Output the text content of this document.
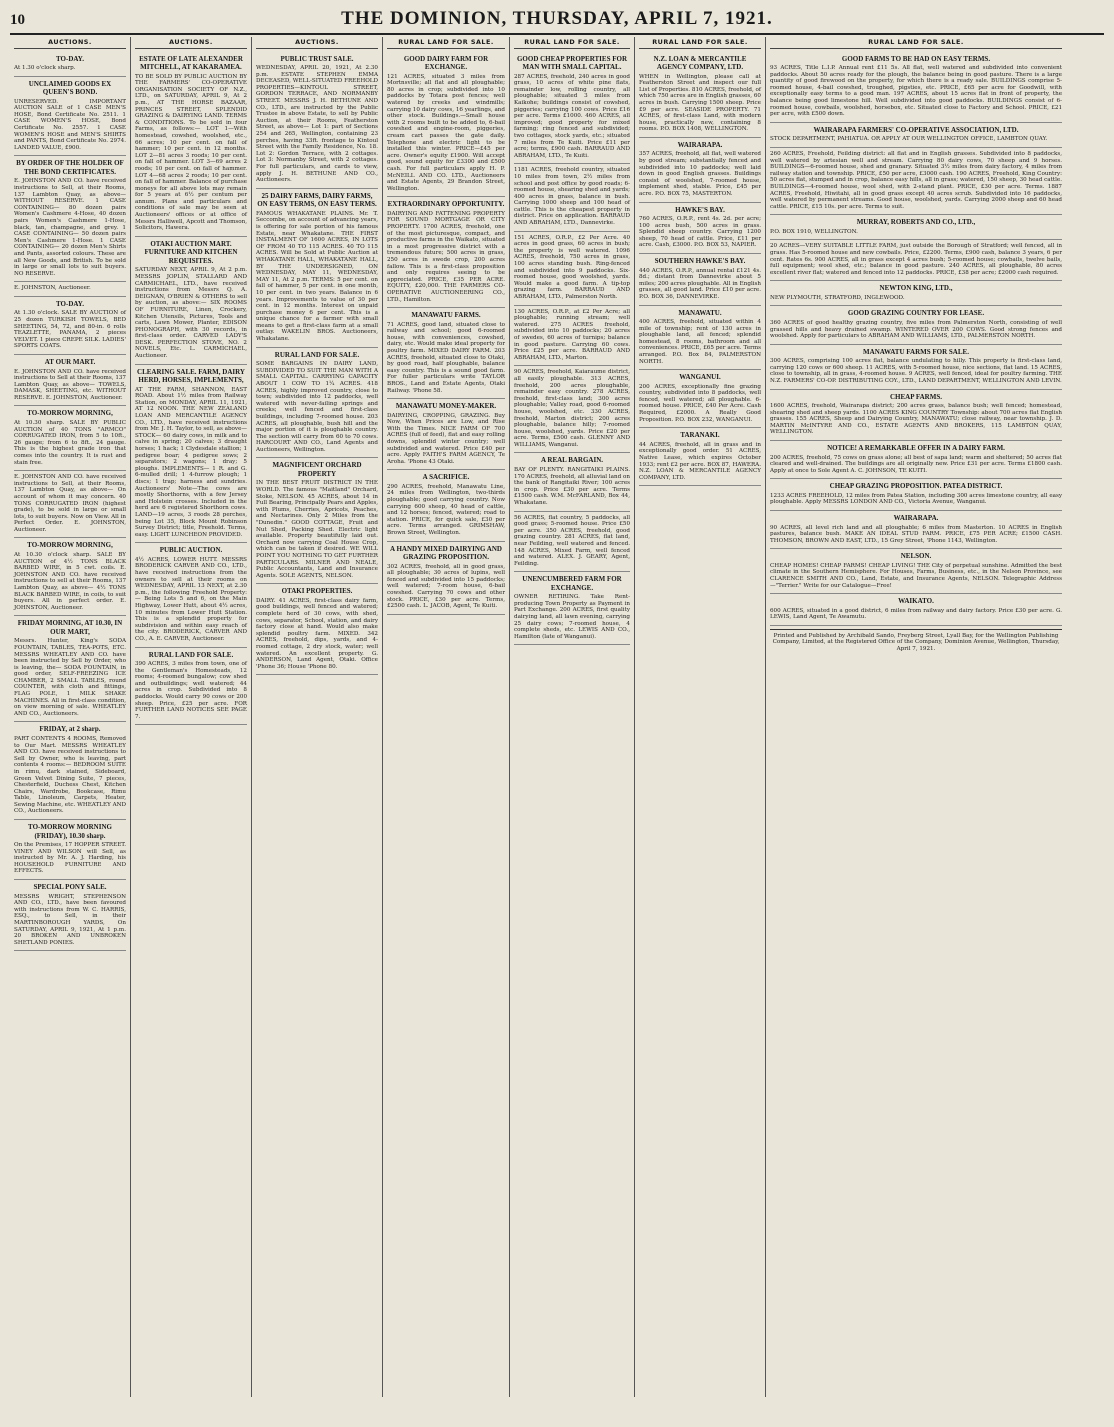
10	THE DOMINION, THURSDAY, APRIL 7, 1921.
AUCTIONS.
TO-DAY.
At 1.30 o'clock sharp.
UNCLAIMED GOODS EX QUEEN'S BOND.
UNRESERVED. IMPORTANT AUCTION SALE of 1 CASE MEN'S HOSE, Bond Certificate No. 2511. 1 CASE WOMEN'S HOSE, Bond Certificate No. 2557. 1 CASE WOMEN'S HOSE and MEN'S SHIRTS and PANTS, Bond Certificate No. 2974. LANDED VALUE, £900.
BY ORDER OF THE HOLDER OF THE BOND CERTIFICATES.
E. JOHNSTON AND CO. have received instructions to Sell, at their Rooms, 137 Lambton Quay, as above— WITHOUT RESERVE. 1 CASE CONTAINING— 80 dozen pairs Women's Cashmere 4-Hose, 40 dozen pairs Women's Cashmere 1-Hose, black, tan, champagne, and grey. 1 CASE CONTAINING— 50 dozen pairs Men's Cashmere 1-Hose. 1 CASE CONTAINING— 20 dozen Men's Shirts and Pants, assorted colours. These are all New Goods, and British. To be sold in large or small lots to suit buyers. NO RESERVE.
E. JOHNSTON, Auctioneer.
TO-DAY.
At 1.30 o'clock. SALE BY AUCTION of 25 dozen TURKISH TOWELS, BED SHEETING, 54, 72, and 80-in. 6 rolls TEAZLETTE, PANAMA, 2 pieces VELVET. 1 piece CREPE SILK. LADIES' SPORTS COATS.
AT OUR MART.
E. JOHNSTON AND CO. have received instructions to Sell at their Rooms, 137 Lambton Quay, as above— TOWELS, DAMASK, SHEETING, etc. WITHOUT RESERVE. E. JOHNSTON, Auctioneer.
TO-MORROW MORNING,
At 10.30 sharp. SALE BY PUBLIC AUCTION of 40 TONS "ARMCO" CORRUGATED IRON, from 5 to 10ft., 26 gauge; from 6 to 8ft., 24 gauge. This is the highest grade iron that comes into the country. It is rust and stain free.
E. JOHNSTON AND CO. have received instructions to Sell, at their Rooms, 137 Lambton Quay, as above— On account of whom it may concern. 40 TONS CORRUGATED IRON (highest grade), to be sold in large or small lots, to suit buyers. Now on View. All in Perfect Order. E. JOHNSTON, Auctioneer.
TO-MORROW MORNING,
At 10.30 o'clock sharp. SALE BY AUCTION of 4½ TONS BLACK BARBED WIRE, in 5 cwt. coils. E. JOHNSTON AND CO. have received instructions to sell at their Rooms, 137 Lambton Quay, as above— 4½ TONS BLACK BARBED WIRE, in coils, to suit buyers. All in perfect order. E. JOHNSTON, Auctioneer.
FRIDAY MORNING, AT 10.30, IN OUR MART,
Messrs. Hunter, King's SODA FOUNTAIN, TABLES, TEA-POTS, ETC. MESSRS WHEATLEY AND CO. have been instructed by Sell by Order, who is leaving, the— SODA FOUNTAIN, in good order, SELF-FREEZING ICE CHAMBER, 2 SMALL TABLES, round COUNTER, with cloth and fittings, FLAG POLE, 1 MILK SHAKE MACHINES. All in first-class condition, on view morning of sale. WHEATLEY AND CO., Auctioneers.
FRIDAY, at 2 sharp.
PART CONTENTS 4 ROOMS, Removed to Our Mart. MESSRS WHEATLEY AND CO. have received instructions to Sell by Owner, who is leaving, part contents 4 rooms:— BEDROOM SUITE in rimu, dark stained, Sideboard, Green Velvet Dining Suite, 7 pieces, Chesterfield, Duchess Chest, Kitchen Chairs, Wardrobe, Bookcase, Rimu Table, Linoleum, Carpets, Heater, Sewing Machine, etc. WHEATLEY AND CO., Auctioneers.
TO-MORROW MORNING (FRIDAY), 10.30 sharp.
On the Premises, 17 HOPPER STREET. VINEY AND WILSON will Sell, as instructed by Mr. A. J. Harding, his HOUSEHOLD FURNITURE AND EFFECTS.
SPECIAL PONY SALE.
MESSRS WRIGHT, STEPHENSON AND CO., LTD., have been favoured with instructions from W. C. HARRIS, ESQ., to Sell, in their MARTINBOROUGH YARDS, On SATURDAY, APRIL 9, 1921, At 1 p.m. 20 BROKEN AND UNBROKEN SHETLAND PONIES.
AUCTIONS.
ESTATE OF LATE ALEXANDER MITCHELL, AT KAKARAMEA.
TO BE SOLD BY PUBLIC AUCTION BY THE FARMERS' CO-OPERATIVE ORGANISATION SOCIETY OF N.Z., LTD., on SATURDAY, APRIL 9, At 2 p.m., AT THE HORSE BAZAAR, PRINCES STREET, SPLENDID GRAZING & DAIRYING LAND. TERMS & CONDITIONS. To be sold in four Farms, as follows:— LOT 1—With homestead, cowshed, woolshed, etc., 66 acres; 10 per cent. on fall of hammer; 10 per cent. in 12 months. LOT 2—81 acres 3 roods; 10 per cent. on fall of hammer. LOT 3—69 acres 2 roods; 10 per cent. on fall of hammer. LOT 4—68 acres 2 roods; 10 per cent. on fall of hammer. Balance of purchase moneys for all above lots may remain for 5 years at 6½ per centum per annum. Plans and particulars and conditions of sale may be seen at Auctioneers' offices or at office of Messrs Halliwell, Apcott and Thomson, Solicitors, Hawera.
OTAKI AUCTION MART. FURNITURE AND KITCHEN REQUISITES.
SATURDAY NEXT, APRIL 9, At 2 p.m. MESSRS JOPLIN, STALLARD AND CARMICHAEL, LTD., have received instructions from Messrs Q. A. DEIGNAN, O'BRIEN & OTHERS to sell by auction, as above:— SIX ROOMS OF FURNITURE, Linen, Crockery, Kitchen Utensils, Pictures, Tools and carts, Lawn Mower, Planter, EDISON PHONOGRAPH, with 30 records, in first-class order. CARVED LADY'S DESK. PERFECTION STOVE, NO. 2 NOVELS, Etc. L. CARMICHAEL, Auctioneer.
CLEARING SALE. FARM, DAIRY HERD, HORSES, IMPLEMENTS,
AT THE FARM, SHANNON, EAST ROAD. About 1½ miles from Railway Station, on MONDAY, APRIL 11, 1921, AT 12 NOON. THE NEW ZEALAND LOAN AND MERCANTILE AGENCY CO., LTD., have received instructions from Mr. J. H. Taylor, to sell, as above— STOCK— 60 dairy cows, in milk and to calve in spring; 20 calves; 3 draught horses; 1 hack; 1 Clydesdale stallion; 1 pedigree boar; 4 pedigree sows; 2 separators; 2 wagons; 1 dray; 5 ploughs. IMPLEMENTS— 1 R. and G. 6-mulled drill; 1 4-furrow plough; 1 discs; 1 trap; harness and sundries. Auctioneers' Note—The cows are mostly Shorthorns, with a few Jersey and Holstein crosses. Included in the herd are 6 registered Shorthorn cows. LAND—19 acres, 3 roods 28 perches, being Lot 35, Block Mount Robinson Survey District; title, Freehold. Terms, easy. LIGHT LUNCHEON PROVIDED.
PUBLIC AUCTION.
4½ ACRES, LOWER HUTT. MESSRS BRODERICK CARVER AND CO., LTD., have received instructions from the owners to sell at their rooms on WEDNESDAY, APRIL 13 NEXT, at 2.30 p.m., the following Freehold Property:— Being Lots 5 and 6, on the Main Highway, Lower Hutt, about 4½ acres, 10 minutes from Lower Hutt Station. This is a splendid property for subdivision and within easy reach of the city. BRODERICK, CARVER AND CO., A. E. CARVER, Auctioneer.
RURAL LAND FOR SALE.
390 ACRES, 3 miles from town, one of the Gentleman's Homesteads, 12 rooms; 4-roomed bungalow; cow shed and outbuildings; well watered; 44 acres in crop. Subdivided into 8 paddocks. Would carry 90 cows or 200 sheep. Price, £25 per acre. FOR FURTHER LAND NOTICES SEE PAGE 7.
AUCTIONS.
PUBLIC TRUST SALE.
WEDNESDAY, APRIL 20, 1921, At 2.30 p.m. ESTATE STEPHEN EMMA DECEASED, WELL-SITUATED FREEHOLD PROPERTIES—KINTOUL STREET, GORDON TERRACE, AND NORMANBY STREET. MESSRS J. H. BETHUNE AND CO., LTD., are instructed by the Public Trustee in above Estate, to sell by Public Auction, at their Rooms, Featherston Street, as above— Lot 1: part of Sections 254 and 265, Wellington, containing 23 perches, having 33ft. frontage to Kintoul Street with the Family Residence, No. 18. Lot 2: Gordon Terrace, with 2 cottages. Lot 3: Normanby Street, with 2 cottages. For full particulars, and cards to view, apply J. H. BETHUNE AND CO., Auctioneers.
25 DAIRY FARMS, DAIRY FARMS, ON EASY TERMS, ON EASY TERMS.
FAMOUS WHAKATANE PLAINS. Mr. T. Seccombe, on account of advancing years, is offering for sale portion of his famous Estate, near Whakatane. THE FIRST INSTALMENT OF 1600 ACRES, IN LOTS OF FROM 40 TO 115 ACRES. 40 TO 115 ACRES. Will be Sold at Public Auction at WHAKATANE HALL, WHAKATANE HALL, BY THE UNDERSIGNED, ON WEDNESDAY, MAY 11, WEDNESDAY, MAY 11, At 2 p.m. TERMS: 5 per cent. on fall of hammer, 5 per cent. in one month, 10 per cent. in two years. Balance in 6 years. Improvements to value of 30 per cent. in 12 months. Interest on unpaid purchase money 6 per cent. This is a unique chance for a farmer with small means to get a first-class farm at a small outlay. WAKELIN BROS. Auctioneers, Whakatane.
RURAL LAND FOR SALE.
SOME BARGAINS IN DAIRY LAND, SUBDIVIDED TO SUIT THE MAN WITH A SMALL CAPITAL. CARRYING CAPACITY ABOUT 1 COW TO 1¼ ACRES. 418 ACRES, highly improved country, close to town; subdivided into 12 paddocks, well watered with never-failing springs and creeks; well fenced and first-class buildings, including 7-roomed house. 203 ACRES, all ploughable, bush hill and the major portion of it is ploughable country. The section will carry from 60 to 70 cows. HARCOURT AND CO., Land Agents and Auctioneers, Wellington.
MAGNIFICENT ORCHARD PROPERTY
IN THE BEST FRUIT DISTRICT IN THE WORLD. The famous "Maitland" Orchard, Stoke, NELSON. 45 ACRES, about 14 in Full Bearing, Principally Pears and Apples, with Plums, Cherries, Apricots, Peaches, and Nectarines. Only 2 Miles from the "Dunedin." GOOD COTTAGE, Fruit and Nut Shed, Packing Shed. Electric light available. Property beautifully laid out. Orchard now carrying Coal House Crop, which can be taken if desired. WE WILL POINT YOU NOTHING TO GET FURTHER PARTICULARS. MILNER AND NEALE, Public Accountants, Land and Insurance Agents. SOLE AGENTS, NELSON.
OTAKI PROPERTIES.
DAIRY. 41 ACRES, first-class dairy farm, good buildings, well fenced and watered; complete herd of 30 cows, with shed, cows, separator, School, station, and dairy factory close at hand. Would also make splendid poultry farm. MIXED. 342 ACRES, freehold, dips, yards, and 4-roomed cottage, 2 dry stock, water; well watered. An excellent property. G. ANDERSON, Land Agent, Otaki. Office 'Phone 36; House 'Phone 80.
RURAL LAND FOR SALE.
GOOD DAIRY FARM FOR EXCHANGE.
121 ACRES, situated 3 miles from Mortnsville; all flat and all ploughable; 80 acres in crop; subdivided into 10 paddocks by Totara post fences; well watered by creeks and windmills; carrying 10 dairy cows, 16 yearlings, and other stock. Buildings.—Small house with 2 rooms built to be added to, 6-bail cowshed and engine-room, piggeries, cream cart passes the gate daily. Telephone and electric light to be installed this winter. PRICE—£45 per acre. Owner's equity £1900. Will accept good, sound equity for £3300 and £500 cash. For full particulars apply H. P. McNEILL AND CO. LTD., Auctioneers and Estate Agents, 29 Brandon Street, Wellington.
EXTRAORDINARY OPPORTUNITY.
DAIRYING AND FATTENING PROPERTY FOR SOUND MORTGAGE OR CITY PROPERTY. 1700 ACRES, freehold, one of the most picturesque, compact, and productive farms in the Waikato, situated in a most progressive district with a tremendous future; 500 acres in grass, 250 acres in swede crop, 200 acres fallow. This is a first-class proposition and only requires seeing to be appreciated. PRICE, £35 PER ACRE. EQUITY, £20,000. THE FARMERS CO-OPERATIVE AUCTIONEERING CO., LTD., Hamilton.
MANAWATU FARMS.
71 ACRES, good land, situated close to railway and school; good 6-roomed house, with conveniences, cowshed, dairy, etc. Would make ideal property for poultry farm. MIXED DAIRY FARM. 203 ACRES, freehold, situated close to Otaki, by good road, half ploughable, balance easy country. This is a sound good farm. For fuller particulars write TAYLOR BROS., Land and Estate Agents, Otaki Railway. 'Phone 58.
MANAWATU MONEY-MAKER.
DAIRYING, CROPPING, GRAZING. Buy Now, When Prices are Low, and Rise With the Times. NICE FARM OF 700 ACRES (full of feed), flat and easy rolling downs, splendid winter country; well subdivided and watered. Price £40 per acre. Apply FAITH'S FARM AGENCY, Te Aroha. 'Phone 43 Otaki.
A SACRIFICE.
290 ACRES, freehold, Manawatu Line, 24 miles from Wellington, two-thirds ploughable; good carrying country. Now carrying 600 sheep, 40 head of cattle, and 12 horses; fenced, watered; road to station. PRICE, for quick sale, £30 per acre. Terms arranged. GRIMSHAW, Brown Street, Wellington.
A HANDY MIXED DAIRYING AND GRAZING PROPOSITION.
302 ACRES, freehold, all in good grass, all ploughable; 30 acres of lupins, well fenced and subdivided into 15 paddocks; well watered; 7-room house, 6-bail cowshed. Carrying 70 cows and other stock. PRICE, £30 per acre. Terms, £2500 cash. L. JACOB, Agent, Te Kuiti.
RURAL LAND FOR SALE.
GOOD CHEAP PROPERTIES FOR MAN WITH SMALL CAPITAL.
287 ACRES, freehold, 240 acres in good grass, 10 acres of white pine flats, remainder low, rolling country, all ploughable; situated 3 miles from Kaikohe; buildings consist of cowshed, piggeries; carrying 100 cows. Price £16 per acre. Terms £1000. 460 ACRES, all improved; good property for mixed farming; ring fenced and subdivided; two cottages, stock yards, etc.; situated 7 miles from Te Kuiti. Price £11 per acre; terms, £900 cash. BARRAUD AND ABRAHAM, LTD., Te Kuiti.
1181 ACRES, freehold country, situated 10 miles from town, 2½ miles from school and post office by good roads; 6-roomed house, shearing shed and yards; 400 acres in grass, balance in bush. Carrying 1000 sheep and 100 head of cattle. This is the cheapest property in district. Price on application. BARRAUD AND ABRAHAM, LTD., Dannevirke.
151 ACRES, O.R.P., £2 Per Acre. 40 acres in good grass, 60 acres in bush; the property is well watered. 1096 ACRES, freehold, 750 acres in grass, 100 acres standing bush. Ring-fenced and subdivided into 9 paddocks. Six-roomed house, good woolshed, yards. Would make a good farm. A tip-top grazing farm. BARRAUD AND ABRAHAM, LTD., Palmerston North.
130 ACRES, O.R.P., at £2 Per Acre; all ploughable; running stream; well watered. 275 ACRES freehold, subdivided into 10 paddocks; 20 acres of swedes, 60 acres of turnips; balance in good pasture. Carrying 60 cows. Price £25 per acre. BARRAUD AND ABRAHAM, LTD., Marton.
90 ACRES, freehold, Kaiaraume district, all easily ploughable. 313 ACRES, freehold, 200 acres ploughable, remainder easy country. 278 ACRES, freehold, first-class land; 300 acres ploughable; Valley road, good 6-roomed house, woolshed, etc. 330 ACRES, freehold, Marton district; 200 acres ploughable, balance hilly; 7-roomed house, woolshed, yards. Price £20 per acre. Terms, £500 cash. GLENNY AND WILLIAMS, Wanganui.
A REAL BARGAIN.
BAY OF PLENTY. RANGITAIKI PLAINS. 170 ACRES, freehold, all alluvial land on the bank of Rangitaiki River; 100 acres in crop. Price £30 per acre. Terms £1500 cash. W.M. McFARLAND, Box 44, Whakatane.
56 ACRES, flat country, 5 paddocks, all good grass; 5-roomed house. Price £50 per acre. 350 ACRES, freehold, good grazing country. 281 ACRES, flat land, near Feilding, well watered and fenced. 148 ACRES, Mixed Farm, well fenced and watered. ALEX. J. GEARY, Agent, Feilding.
UNENCUMBERED FARM FOR EXCHANGE.
OWNER RETIRING. Take Rent-producing Town Property as Payment in Part Exchange. 200 ACRES, first quality dairying land, all lawn evening, carrying 25 dairy cows; 7-roomed house, 4 complete sheds, etc. LEWIS AND CO., Hamilton (late of Wanganui).
RURAL LAND FOR SALE.
N.Z. LOAN & MERCANTILE AGENCY COMPANY, LTD.
WHEN in Wellington, please call at Featherston Street and inspect our full List of Properties. 810 ACRES, freehold, of which 750 acres are in English grasses, 60 acres in bush. Carrying 1500 sheep. Price £9 per acre. SEASIDE PROPERTY. 71 ACRES, of first-class Land, with modern house, practically new, containing 8 rooms. P.O. BOX 1408, WELLINGTON.
WAIRARAPA.
357 ACRES, freehold, all flat, well watered by good stream; substantially fenced and subdivided into 10 paddocks; well laid down in good English grasses. Buildings consist of woolshed, 7-roomed house, implement shed, stable. Price, £45 per acre. P.O. BOX 75, MASTERTON.
HAWKE'S BAY.
760 ACRES, O.R.P., rent 4s. 2d. per acre; 100 acres bush, 500 acres in grass. Splendid sheep country. Carrying 1200 sheep, 70 head of cattle. Price, £11 per acre. Cash, £3000. P.O. BOX 53, NAPIER.
SOUTHERN HAWKE'S BAY.
440 ACRES, O.R.P., annual rental £121 4s. 8d.; distant from Dannevirke about 5 miles; 200 acres ploughable. All in English grasses, all good land. Price £10 per acre. P.O. BOX 36, DANNEVIRKE.
MANAWATU.
400 ACRES, freehold, situated within 4 mile of township; rent of 130 acres in ploughable land, all fenced; splendid homestead, 8 rooms, bathroom and all conveniences. PRICE, £65 per acre. Terms arranged. P.O. Box 84, PALMERSTON NORTH.
WANGANUI.
200 ACRES, exceptionally fine grazing country, subdivided into 8 paddocks, well fenced, well watered; all ploughable. 6-roomed house. PRICE, £40 Per Acre. Cash Required, £2000. A Really Good Proposition. P.O. BOX 232, WANGANUI.
TARANAKI.
44 ACRES, freehold, all in grass and in exceptionally good order. 51 ACRES, Native Lease, which expires October 1933; rent £2 per acre. BOX 87, HAWERA. N.Z. LOAN & MERCANTILE AGENCY COMPANY, LTD.
RURAL LAND FOR SALE.
GOOD FARMS TO BE HAD ON EASY TERMS.
93 ACRES, Title L.I.P. Annual rent £11 5s. All flat, well watered and subdivided into convenient paddocks. About 50 acres ready for the plough, the balance being in good pasture. There is a large quantity of good firewood on the property, for which there is a ready sale. BUILDINGS comprise 5-roomed house, 4-bail cowshed, troughed, pigsties, etc. PRICE, £65 per acre for Goodwill, with exceptionally easy terms to a good man. 197 ACRES, about 15 acres flat in front of property, the balance being good limestone hill. Well subdivided into good paddocks. BUILDINGS consist of 6-roomed house, cowbails, woolshed, horsebox, etc. Situated close to Factory and School. PRICE, £21 per acre, with £500 down.
WAIRARAPA FARMERS' CO-OPERATIVE ASSOCIATION, LTD.
STOCK DEPARTMENT, PAHIATUA. OR APPLY AT OUR WELLINGTON OFFICE, LAMBTON QUAY.
260 ACRES, Freehold, Feilding district: all flat and in English grasses. Subdivided into 8 paddocks, well watered by artesian well and stream. Carrying 80 dairy cows, 70 sheep and 9 horses. BUILDINGS—6-roomed house, shed and granary. Situated 3½ miles from dairy factory, 4 miles from railway station and township. PRICE, £50 per acre, £3000 cash. 190 ACRES, Freehold, King Country: 50 acres flat, stumped and in crop, balance easy hills, all in grass; watered, 150 sheep, 30 head cattle. BUILDINGS—4-roomed house, wool shed, with 2-stand plant. PRICE, £30 per acre. Terms. 1887 ACRES, Freehold, Hiwitahi, all in good grass except 40 acres scrub. Subdivided into 16 paddocks, well watered by permanent streams. Good house, woolshed, yards. Carrying 2000 sheep and 60 head cattle. PRICE, £15 10s. per acre. Terms to suit.
MURRAY, ROBERTS AND CO., LTD.,
P.O. BOX 1910, WELLINGTON.
20 ACRES—VERY SUITABLE LITTLE FARM, just outside the Borough of Stratford; well fenced, all in grass. Has 5-roomed house and new cowbails. Price, £2200. Terms, £900 cash, balance 3 years, 6 per cent. Rates 6s. 900 ACRES, all in grass except 4 acres bush; 5-roomed house; cowbails, twelve bails, full equipment; wool shed, etc.; balance in good pasture. 240 ACRES, all ploughable, 80 acres excellent river flat; watered and fenced into 12 paddocks. PRICE, £38 per acre; £2000 cash required.
NEWTON KING, LTD.,
NEW PLYMOUTH, STRATFORD, INGLEWOOD.
GOOD GRAZING COUNTRY FOR LEASE.
360 ACRES of good healthy grazing country, five miles from Palmerston North, consisting of well grassed hills and heavy drained swamp. WINTERED OVER 200 COWS. Good strong fences and woolshed. Apply for particulars to ABRAHAM AND WILLIAMS, LTD., PALMERSTON NORTH.
MANAWATU FARMS FOR SALE.
300 ACRES, comprising 100 acres flat, balance undulating to hilly. This property is first-class land, carrying 120 cows or 600 sheep. 11 ACRES, with 5-roomed house, nice sections, flat land. 15 ACRES, close to township, all in grass, 4-roomed house. 9 ACRES, well fenced, ideal for poultry farming. THE N.Z. FARMERS' CO-OP. DISTRIBUTING COY., LTD., LAND DEPARTMENT, WELLINGTON AND LEVIN.
CHEAP FARMS.
1600 ACRES, freehold, Wairarapa district; 200 acres grass, balance bush; well fenced; homestead, shearing shed and sheep yards. 1100 ACRES KING COUNTRY Township: about 700 acres flat English grasses. 155 ACRES, Sheep and Dairying Country, MANAWATU; close railway, near township. J. D. MARTIN McINTYRE AND CO., ESTATE AGENTS AND BROKERS, 115 LAMBTON QUAY, WELLINGTON.
NOTICE! A REMARKABLE OFFER IN A DAIRY FARM.
200 ACRES, freehold, 75 cows on grass alone; all best of sapa land; warm and sheltered; 50 acres flat cleared and well-drained. The buildings are all originally new. Price £31 per acre. Terms £1800 cash. Apply at once to Sole Agent A. C. JOHNSON, TE KUITI.
CHEAP GRAZING PROPOSITION. PATEA DISTRICT.
1233 ACRES FREEHOLD, 12 miles from Patea Station, including 300 acres limestone country, all easy ploughable. Apply MESSRS LONDON AND CO., Victoria Avenue, Wanganui.
WAIRARAPA.
90 ACRES, all level rich land and all ploughable; 6 miles from Masterton. 10 ACRES in English pastures, balance bush. MAKE AN IDEAL STUD FARM. PRICE, £75 PER ACRE; £1500 CASH. THOMSON, BROWN AND EAST, LTD., 15 Grey Street, 'Phone 1143, Wellington.
NELSON.
CHEAP HOMES! CHEAP FARMS! CHEAP LIVING! THE City of perpetual sunshine. Admitted the best climate in the Southern Hemisphere. For Houses, Farms, Business, etc., in the Nelson Province, see CLARENCE SMITH AND CO., Land, Estate, and Insurance Agents, NELSON. Telegraphic Address—"Terrier." Write for our Catalogue—Free!
WAIKATO.
600 ACRES, situated in a good district, 6 miles from railway and dairy factory. Price £30 per acre. G. LEWIS, Land Agent, Te Awamutu.
Printed and Published by Archibald Sando, Freyberg Street, Lyall Bay, for the Wellington Publishing Company, Limited, at the Registered Office of the Company, Dominion Avenue, Wellington, Thursday, April 7, 1921.
